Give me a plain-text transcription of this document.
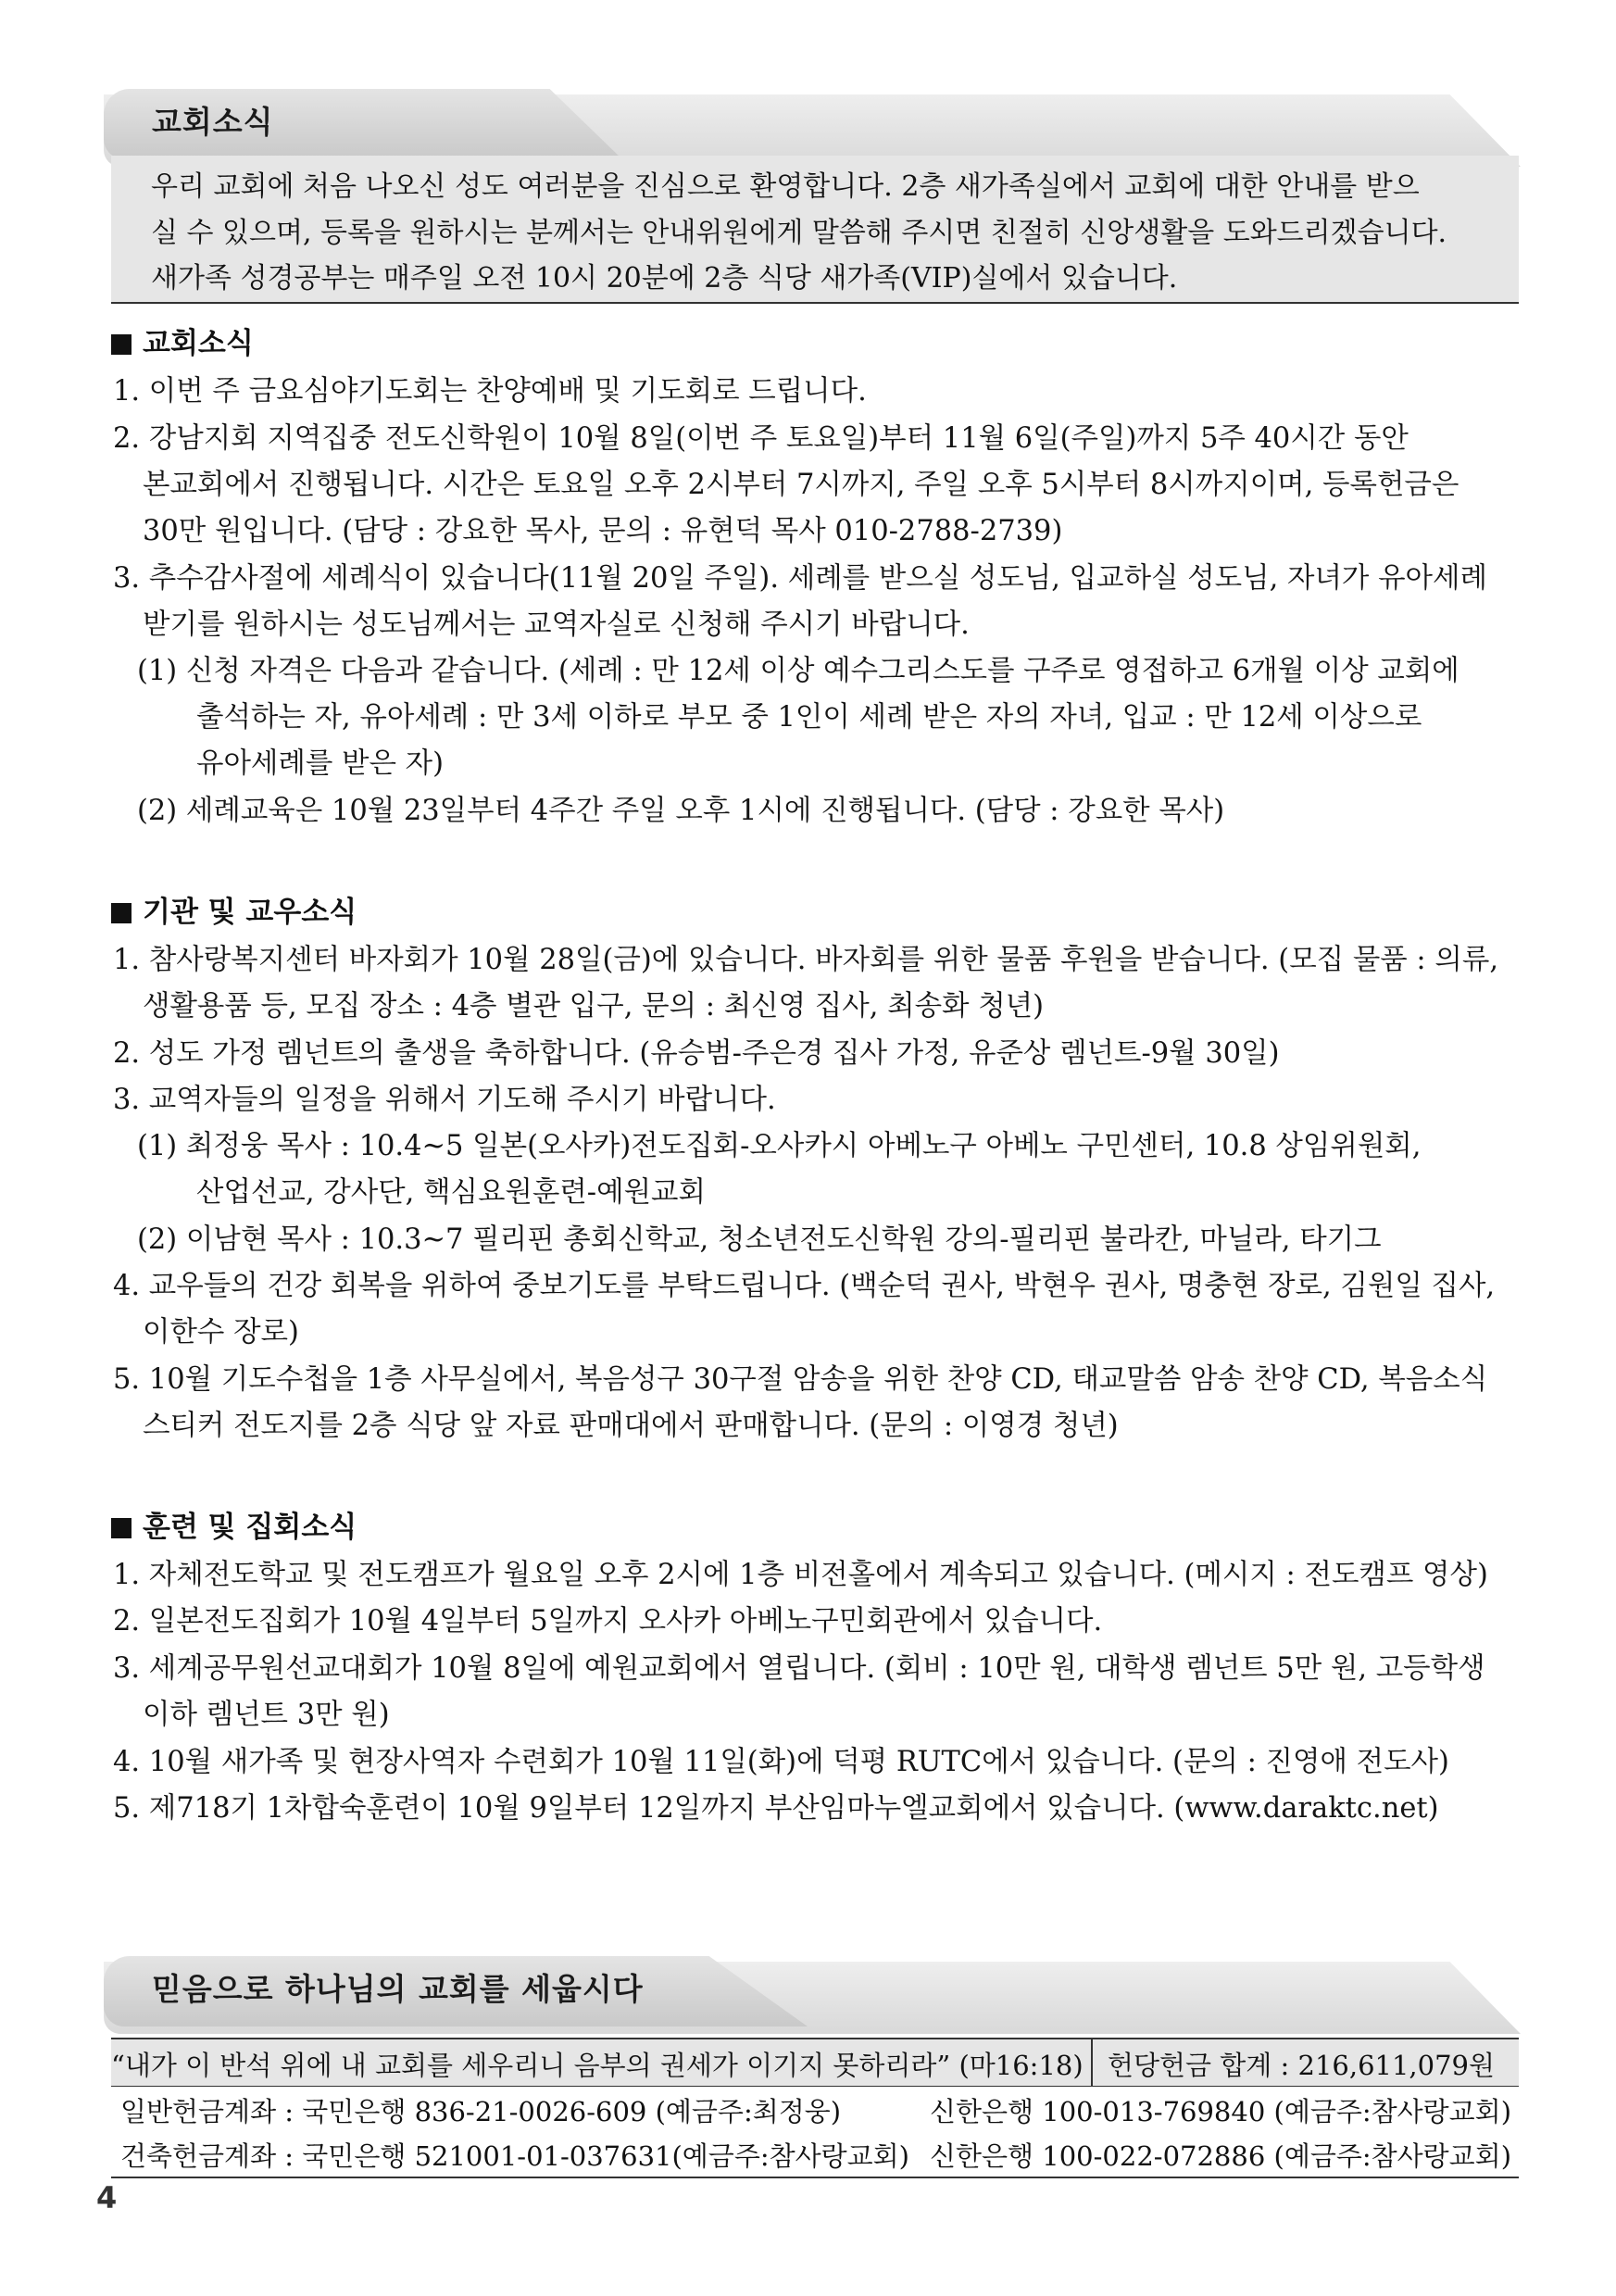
교회소식

우리 교회에 처음 나오신 성도 여러분을 진심으로 환영합니다. 2층 새가족실에서 교회에 대한 안내를 받으

실 수 있으며, 등록을 원하시는 분께서는 안내위원에게 말씀해 주시면 친절히 신앙생활을 도와드리겠습니다.

새가족 성경공부는 매주일 오전 10시 20분에 2층 식당 새가족(VIP)실에서 있습니다.

교회소식
1. 이번 주 금요심야기도회는 찬양예배 및 기도회로 드립니다.
2. 강남지회 지역집중 전도신학원이 10월 8일(이번 주 토요일)부터 11월 6일(주일)까지 5주 40시간 동안
본교회에서 진행됩니다. 시간은 토요일 오후 2시부터 7시까지, 주일 오후 5시부터 8시까지이며, 등록헌금은
30만 원입니다. (담당 : 강요한 목사, 문의 : 유현덕 목사 010-2788-2739)
3. 추수감사절에 세례식이 있습니다(11월 20일 주일). 세례를 받으실 성도님, 입교하실 성도님, 자녀가 유아세례
받기를 원하시는 성도님께서는 교역자실로 신청해 주시기 바랍니다.
(1) 신청 자격은 다음과 같습니다. (세례 : 만 12세 이상 예수그리스도를 구주로 영접하고 6개월 이상 교회에
출석하는 자, 유아세례 : 만 3세 이하로 부모 중 1인이 세례 받은 자의 자녀, 입교 : 만 12세 이상으로
유아세례를 받은 자)
(2) 세례교육은 10월 23일부터 4주간 주일 오후 1시에 진행됩니다. (담당 : 강요한 목사)
기관 및 교우소식
1. 참사랑복지센터 바자회가 10월 28일(금)에 있습니다. 바자회를 위한 물품 후원을 받습니다. (모집 물품 : 의류,
생활용품 등, 모집 장소 : 4층 별관 입구, 문의 : 최신영 집사, 최송화 청년)
2. 성도 가정 렘넌트의 출생을 축하합니다. (유승범-주은경 집사 가정, 유준상 렘넌트-9월 30일)
3. 교역자들의 일정을 위해서 기도해 주시기 바랍니다.
(1) 최정웅 목사 : 10.4~5 일본(오사카)전도집회-오사카시 아베노구 아베노 구민센터, 10.8 상임위원회,
산업선교, 강사단, 핵심요원훈련-예원교회
(2) 이남현 목사 : 10.3~7 필리핀 총회신학교, 청소년전도신학원 강의-필리핀 불라칸, 마닐라, 타기그
4. 교우들의 건강 회복을 위하여 중보기도를 부탁드립니다. (백순덕 권사, 박현우 권사, 명충현 장로, 김원일 집사,
이한수 장로)
5. 10월 기도수첩을 1층 사무실에서, 복음성구 30구절 암송을 위한 찬양 CD, 태교말씀 암송 찬양 CD, 복음소식
스티커 전도지를 2층 식당 앞 자료 판매대에서 판매합니다. (문의 : 이영경 청년)
훈련 및 집회소식
1. 자체전도학교 및 전도캠프가 월요일 오후 2시에 1층 비전홀에서 계속되고 있습니다. (메시지 : 전도캠프 영상)
2. 일본전도집회가 10월 4일부터 5일까지 오사카 아베노구민회관에서 있습니다.
3. 세계공무원선교대회가 10월 8일에 예원교회에서 열립니다. (회비 : 10만 원, 대학생 렘넌트 5만 원, 고등학생
이하 렘넌트 3만 원)
4. 10월 새가족 및 현장사역자 수련회가 10월 11일(화)에 덕평 RUTC에서 있습니다. (문의 : 진영애 전도사)
5. 제718기 1차합숙훈련이 10월 9일부터 12일까지 부산임마누엘교회에서 있습니다. (www.daraktc.net)
믿음으로 하나님의 교회를 세웁시다
“내가 이 반석 위에 내 교회를 세우리니 음부의 권세가 이기지 못하리라” (마16:18) 헌당헌금 합계 : 216,611,079원
일반헌금계좌 : 국민은행 836-21-0026-609 (예금주:최정웅)	신한은행 100-013-769840 (예금주:참사랑교회)
건축헌금계좌 : 국민은행 521001-01-037631(예금주:참사랑교회) 신한은행 100-022-072886 (예금주:참사랑교회)
4
